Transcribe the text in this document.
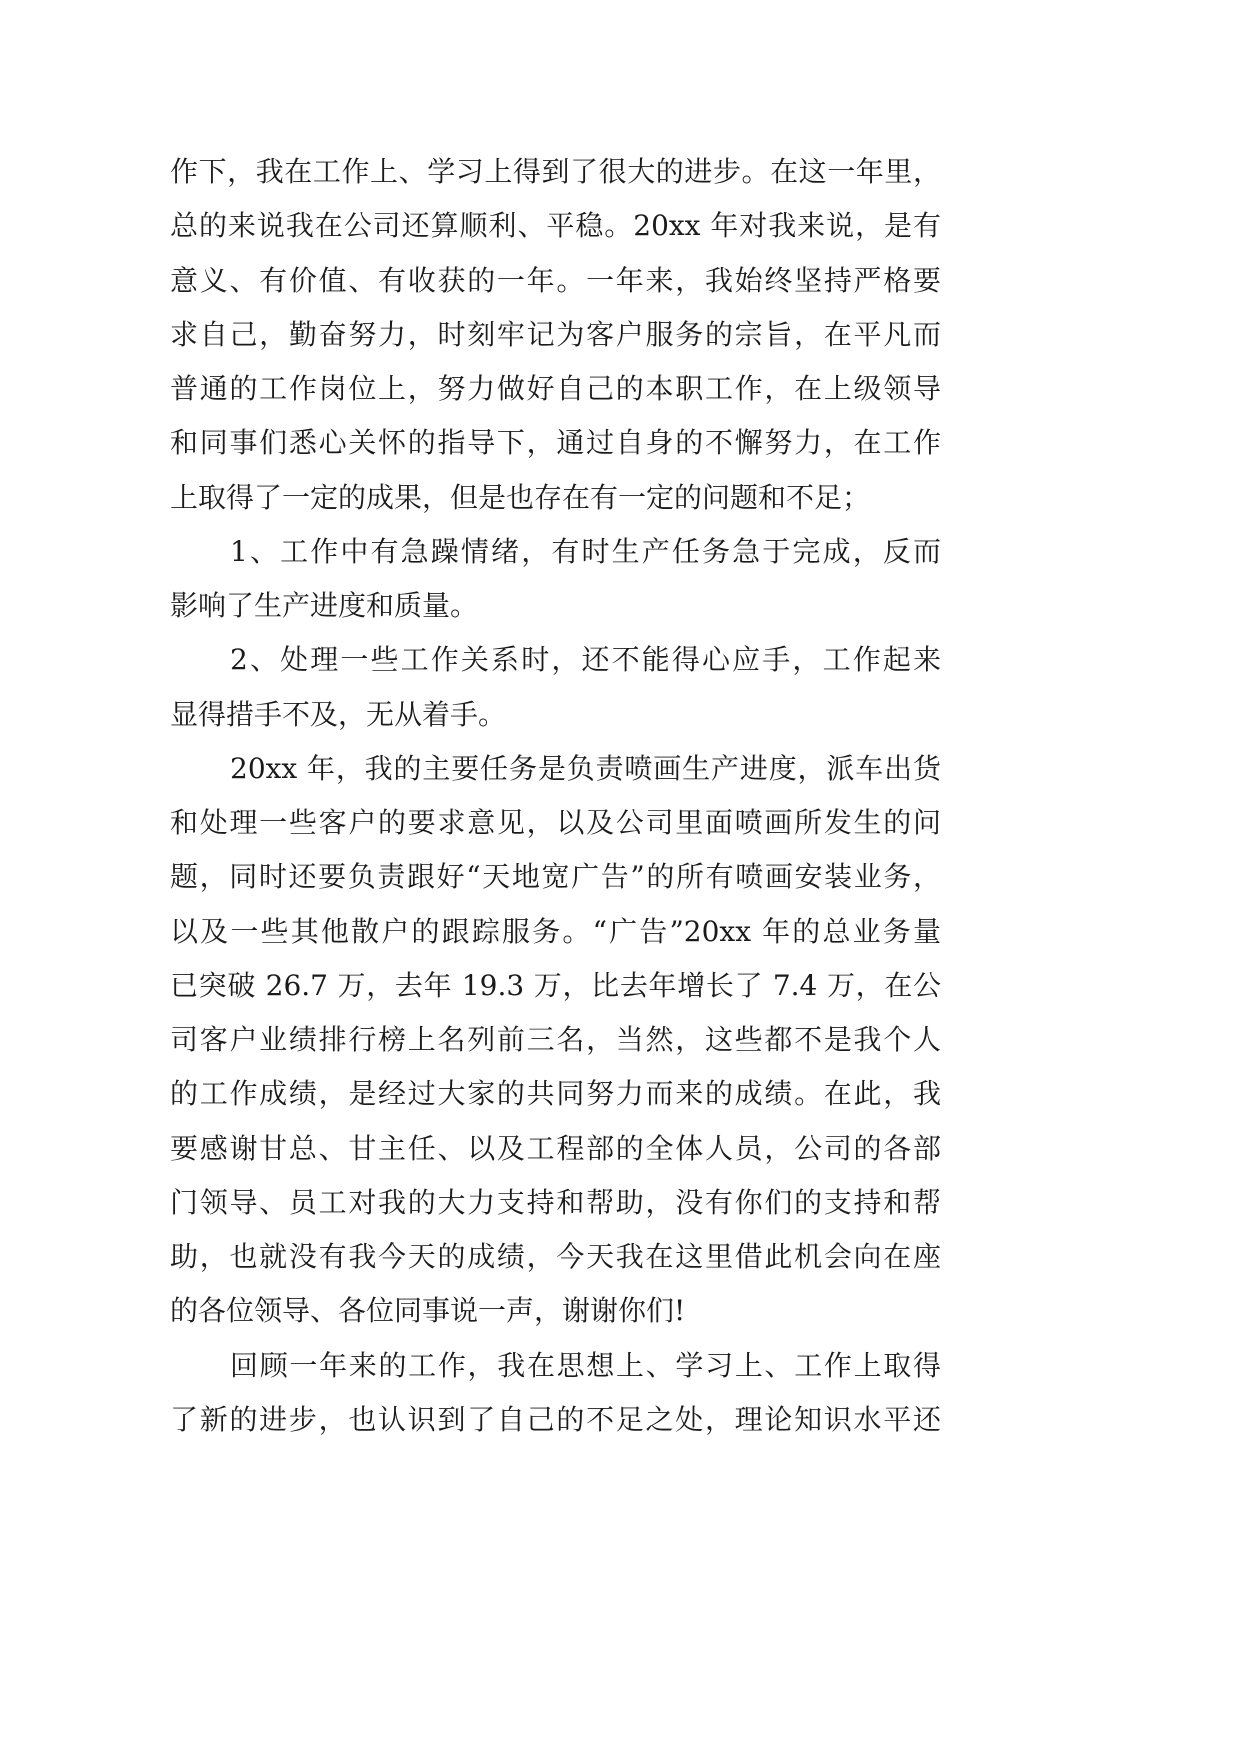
作下，我在工作上、学习上得到了很大的进步。在这一年里，
总的来说我在公司还算顺利、平稳。20xx 年对我来说，是有
意义、有价值、有收获的一年。一年来，我始终坚持严格要
求自己，勤奋努力，时刻牢记为客户服务的宗旨，在平凡而
普通的工作岗位上，努力做好自己的本职工作，在上级领导
和同事们悉心关怀的指导下，通过自身的不懈努力，在工作
上取得了一定的成果，但是也存在有一定的问题和不足；
1、工作中有急躁情绪，有时生产任务急于完成，反而
影响了生产进度和质量。
2、处理一些工作关系时，还不能得心应手，工作起来
显得措手不及，无从着手。
20xx 年，我的主要任务是负责喷画生产进度，派车出货
和处理一些客户的要求意见，以及公司里面喷画所发生的问
题，同时还要负责跟好“天地宽广告”的所有喷画安装业务，
以及一些其他散户的跟踪服务。“广告”20xx 年的总业务量
已突破 26.7 万，去年 19.3 万，比去年增长了 7.4 万，在公
司客户业绩排行榜上名列前三名，当然，这些都不是我个人
的工作成绩，是经过大家的共同努力而来的成绩。在此，我
要感谢甘总、甘主任、以及工程部的全体人员，公司的各部
门领导、员工对我的大力支持和帮助，没有你们的支持和帮
助，也就没有我今天的成绩，今天我在这里借此机会向在座
的各位领导、各位同事说一声，谢谢你们!
回顾一年来的工作，我在思想上、学习上、工作上取得
了新的进步，也认识到了自己的不足之处，理论知识水平还
